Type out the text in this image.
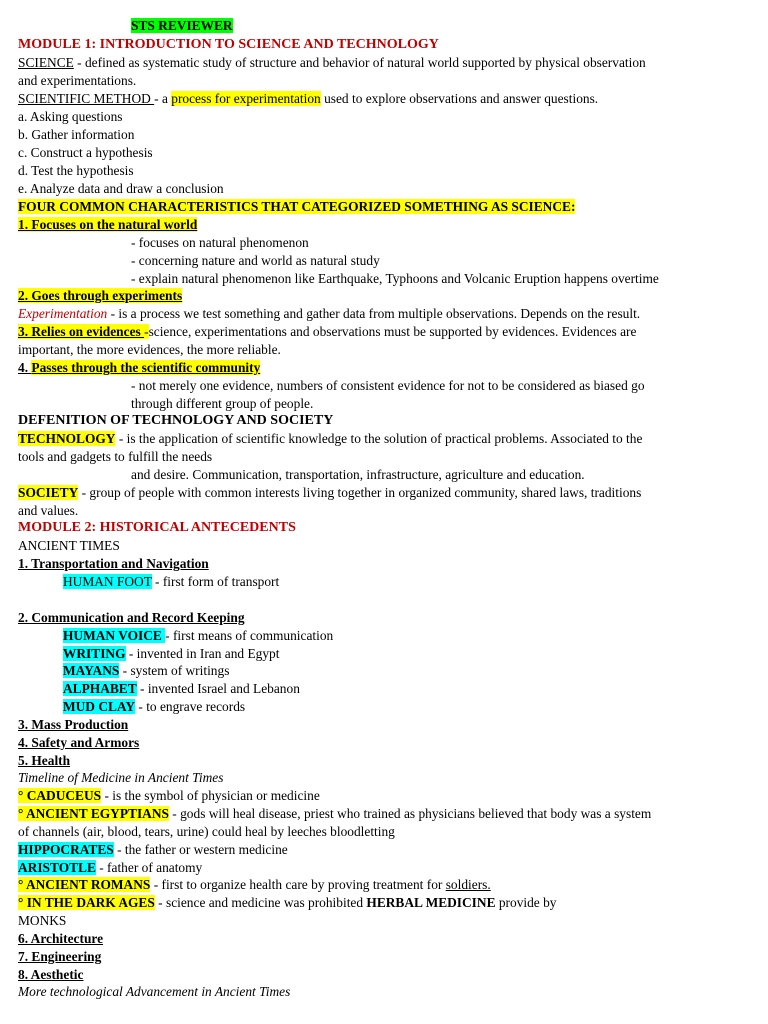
STS REVIEWER
MODULE 1: INTRODUCTION TO SCIENCE AND TECHNOLOGY
SCIENCE - defined as systematic study of structure and behavior of natural world supported by physical observation
and experimentations.
SCIENTIFIC METHOD - a process for experimentation used to explore observations and answer questions.
a. Asking questions
b. Gather information
c. Construct a hypothesis
d. Test the hypothesis
e. Analyze data and draw a conclusion
FOUR COMMON CHARACTERISTICS THAT CATEGORIZED SOMETHING AS SCIENCE:
1. Focuses on the natural world
- focuses on natural phenomenon
- concerning nature and world as natural study
- explain natural phenomenon like Earthquake, Typhoons and Volcanic Eruption happens overtime
2. Goes through experiments
Experimentation - is a process we test something and gather data from multiple observations. Depends on the result.
3. Relies on evidences -science, experimentations and observations must be supported by evidences. Evidences are
important, the more evidences, the more reliable.
4. Passes through the scientific community
- not merely one evidence, numbers of consistent evidence for not to be considered as biased go
through different group of people.
DEFENITION OF TECHNOLOGY AND SOCIETY
TECHNOLOGY - is the application of scientific knowledge to the solution of practical problems. Associated to the
tools and gadgets to fulfill the needs
and desire. Communication, transportation, infrastructure, agriculture and education.
SOCIETY - group of people with common interests living together in organized community, shared laws, traditions
and values.
MODULE 2: HISTORICAL ANTECEDENTS
ANCIENT TIMES
1. Transportation and Navigation
HUMAN FOOT - first form of transport
2. Communication and Record Keeping
HUMAN VOICE - first means of communication
WRITING - invented in Iran and Egypt
MAYANS - system of writings
ALPHABET - invented Israel and Lebanon
MUD CLAY - to engrave records
3. Mass Production
4. Safety and Armors
5. Health
Timeline of Medicine in Ancient Times
° CADUCEUS - is the symbol of physician or medicine
° ANCIENT EGYPTIANS - gods will heal disease, priest who trained as physicians believed that body was a system
of channels (air, blood, tears, urine) could heal by leeches bloodletting
HIPPOCRATES - the father or western medicine
ARISTOTLE - father of anatomy
° ANCIENT ROMANS - first to organize health care by proving treatment for soldiers.
° IN THE DARK AGES - science and medicine was prohibited HERBAL MEDICINE provide by
MONKS
6. Architecture
7. Engineering
8. Aesthetic
More technological Advancement in Ancient Times
